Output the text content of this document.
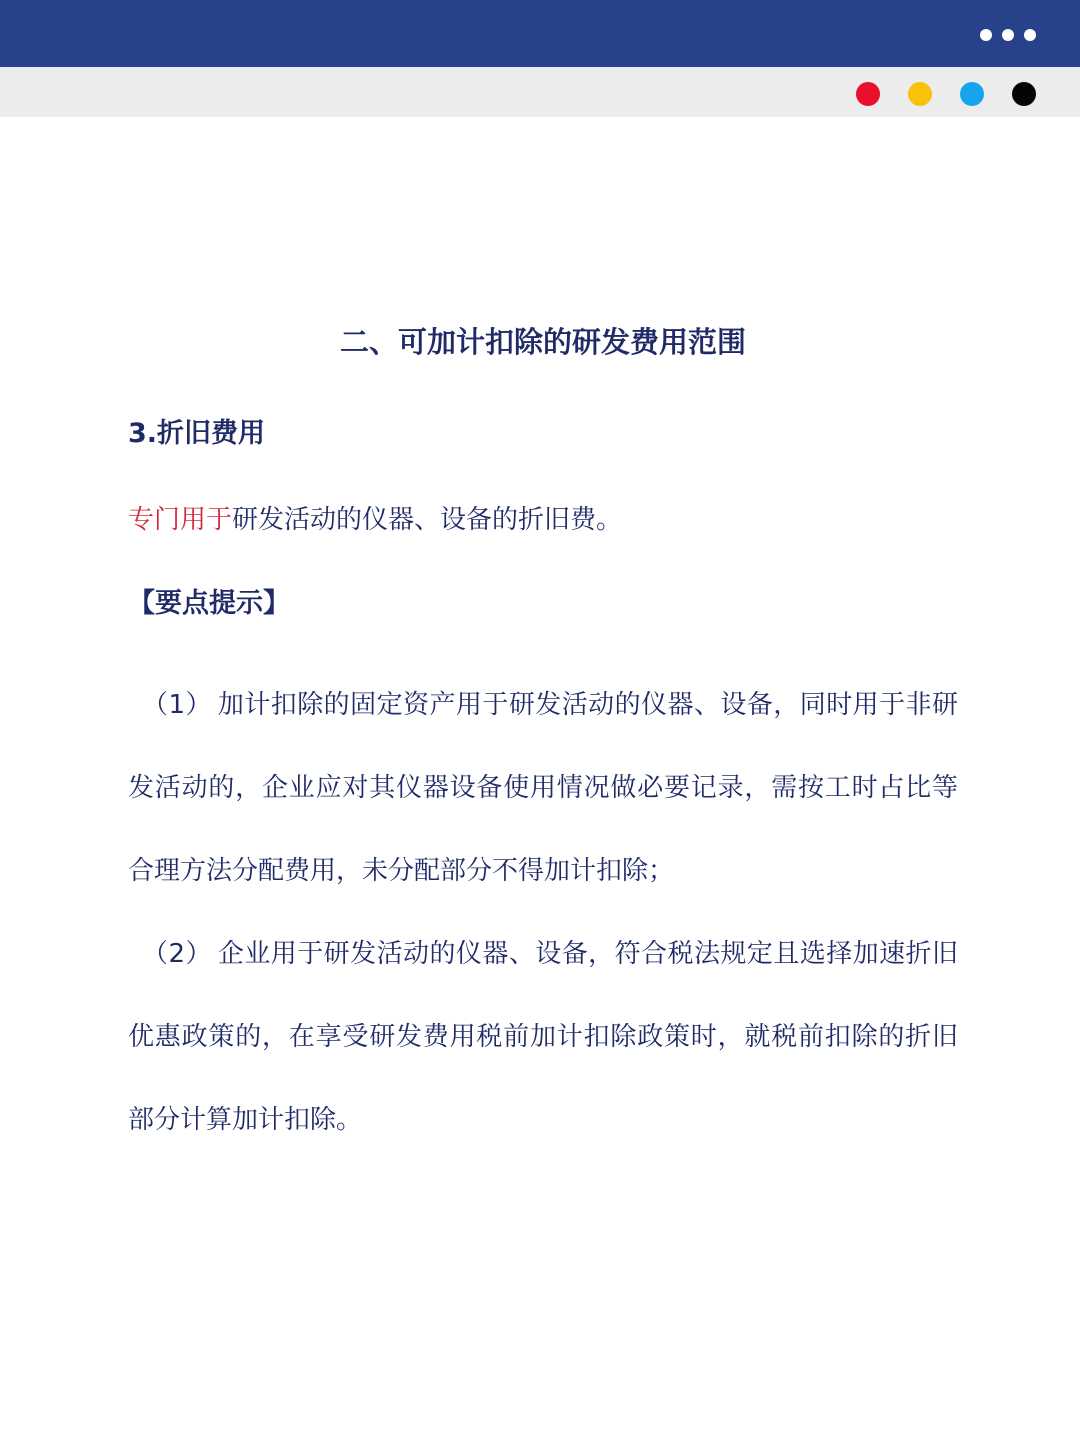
二、可加计扣除的研发费用范围
3.折旧费用
专门用于研发活动的仪器、设备的折旧费。
【要点提示】

（1） 加计扣除的固定资产用于研发活动的仪器、设备，同时用于非研发活动的，企业应对其仪器设备使用情况做必要记录，需按工时占比等合理方法分配费用，未分配部分不得加计扣除；

（2） 企业用于研发活动的仪器、设备，符合税法规定且选择加速折旧优惠政策的，在享受研发费用税前加计扣除政策时，就税前扣除的折旧部分计算加计扣除。
